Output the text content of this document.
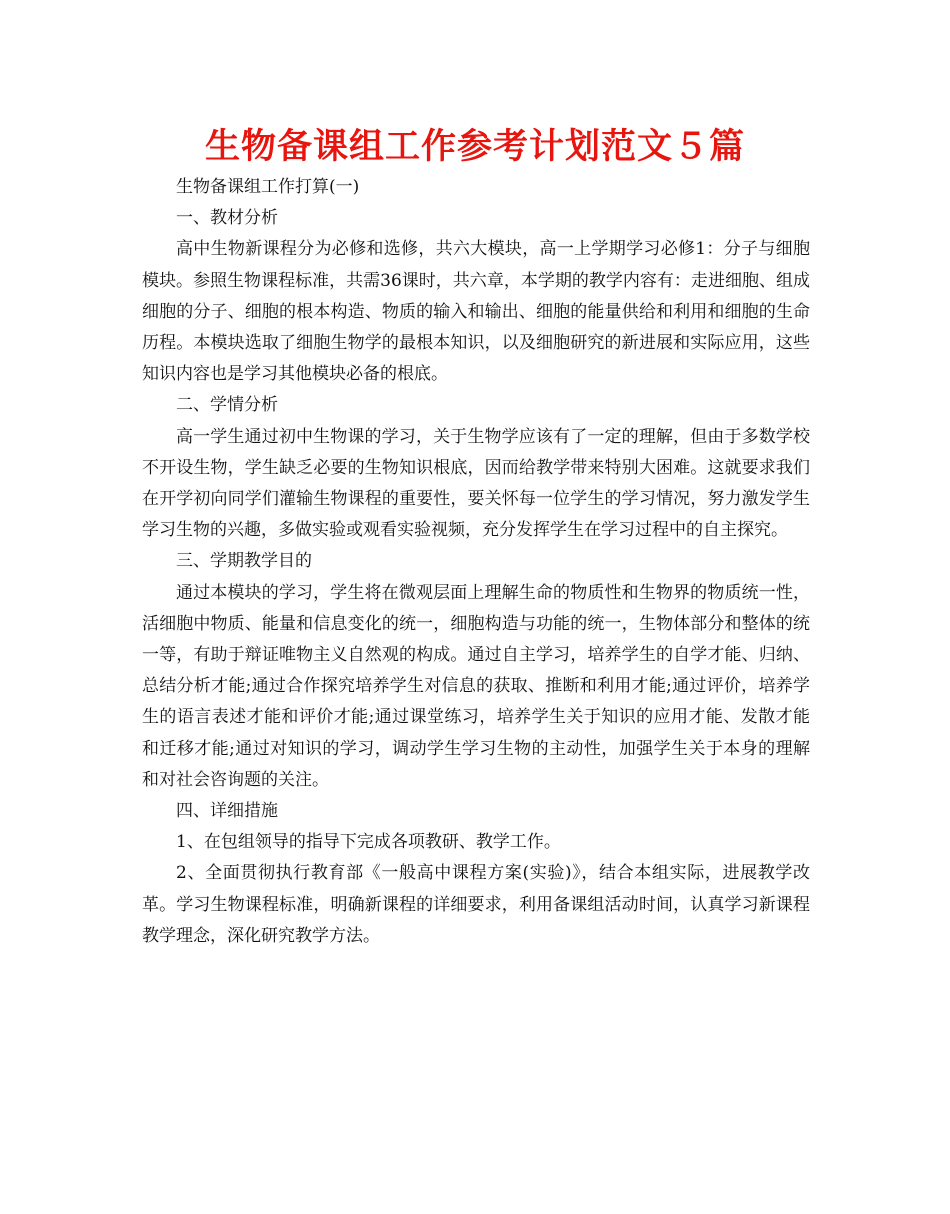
生物备课组工作参考计划范文５篇

生物备课组工作打算(一)

一、教材分析

高中生物新课程分为必修和选修，共六大模块，高一上学期学习必修1：分子与细胞模块。参照生物课程标准，共需36课时，共六章，本学期的教学内容有：走进细胞、组成细胞的分子、细胞的根本构造、物质的输入和输出、细胞的能量供给和利用和细胞的生命历程。本模块选取了细胞生物学的最根本知识，以及细胞研究的新进展和实际应用，这些知识内容也是学习其他模块必备的根底。

二、学情分析

高一学生通过初中生物课的学习，关于生物学应该有了一定的理解，但由于多数学校不开设生物，学生缺乏必要的生物知识根底，因而给教学带来特别大困难。这就要求我们在开学初向同学们灌输生物课程的重要性，要关怀每一位学生的学习情况，努力激发学生学习生物的兴趣，多做实验或观看实验视频，充分发挥学生在学习过程中的自主探究。

三、学期教学目的

通过本模块的学习，学生将在微观层面上理解生命的物质性和生物界的物质统一性，活细胞中物质、能量和信息变化的统一，细胞构造与功能的统一，生物体部分和整体的统一等，有助于辩证唯物主义自然观的构成。通过自主学习，培养学生的自学才能、归纳、总结分析才能;通过合作探究培养学生对信息的获取、推断和利用才能;通过评价，培养学生的语言表述才能和评价才能;通过课堂练习，培养学生关于知识的应用才能、发散才能和迁移才能;通过对知识的学习，调动学生学习生物的主动性，加强学生关于本身的理解和对社会咨询题的关注。

四、详细措施

1、在包组领导的指导下完成各项教研、教学工作。

2、全面贯彻执行教育部《一般高中课程方案(实验)》，结合本组实际，进展教学改革。学习生物课程标准，明确新课程的详细要求，利用备课组活动时间，认真学习新课程教学理念，深化研究教学方法。
